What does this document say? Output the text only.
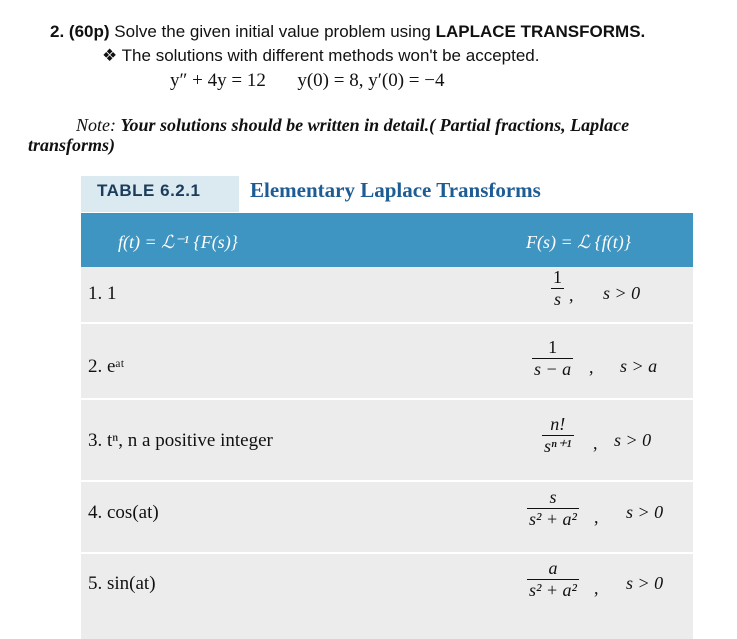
2. (60p) Solve the given initial value problem using LAPLACE TRANSFORMS.
❖ The solutions with different methods won't be accepted.
y″ + 4y = 12 y(0) = 8, y′(0) = −4
Note: Your solutions should be written in detail.( Partial fractions, Laplace
transforms)
TABLE 6.2.1 Elementary Laplace Transforms
f(t) = ℒ⁻¹ {F(s)}	F(s) = ℒ {f(t)}
1. 1	$\frac{1}{s}$ , s > 0
2. eᵃᵗ	$\frac{1}{s - a}$ , s > a
3. tⁿ, n a positive integer	$\frac{n!}{\text{sⁿ⁺¹}}$ , s > 0
4. cos(at)	$\frac{s}{\text{s² + a²}}$ , s > 0
5. sin(at)	$\frac{a}{\text{s² + a²}}$ , s > 0
